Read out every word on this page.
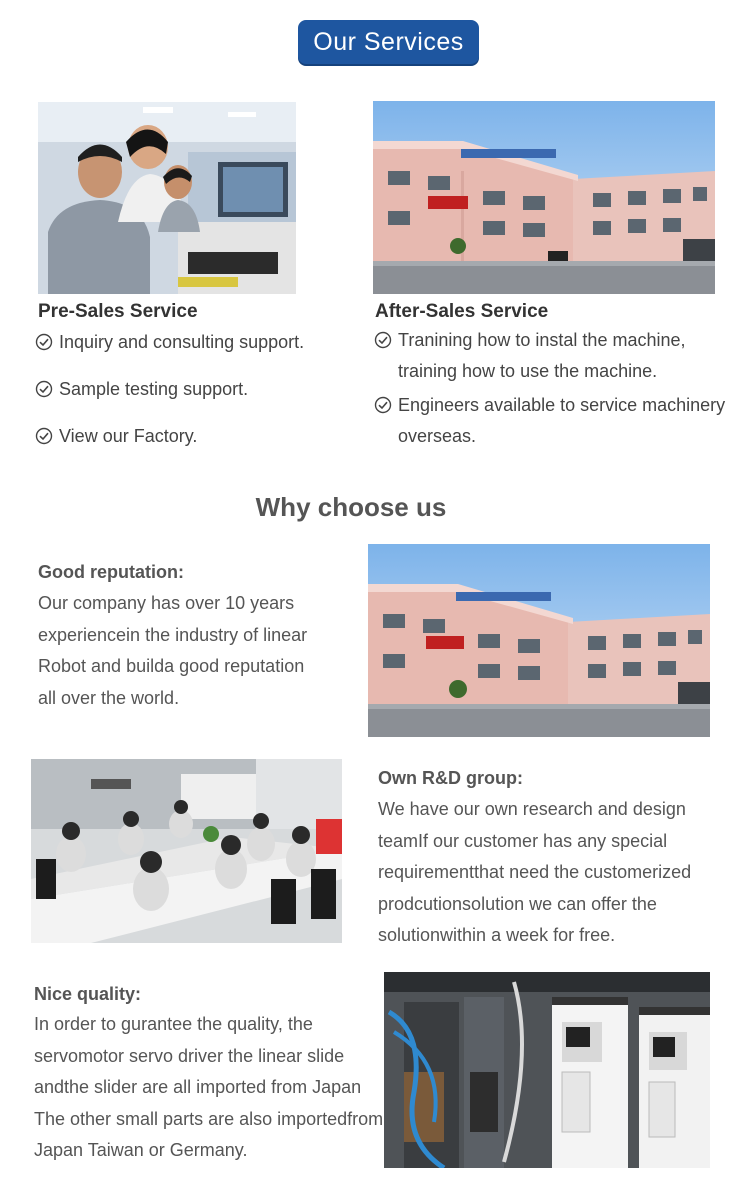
Our Services
Pre-Sales Service
Inquiry and consulting support.
Sample testing support.
View our Factory.
After-Sales Service
Tranining how to instal the machine,
training how to use the machine.
Engineers available to service machinery
overseas.
Why choose us
Good reputation:
Our company has over 10 years
experiencein the industry of linear
Robot and builda good reputation
all over the world.
Own R&D group:
We have our own research and design
teamIf our customer has any special
requirementthat need the customerized
prodcutionsolution we can offer the
solutionwithin a week for free.
Nice quality:
In order to gurantee the quality, the
servomotor servo driver the linear slide
andthe slider are all imported from Japan
The other small parts are also importedfrom
Japan Taiwan or Germany.
